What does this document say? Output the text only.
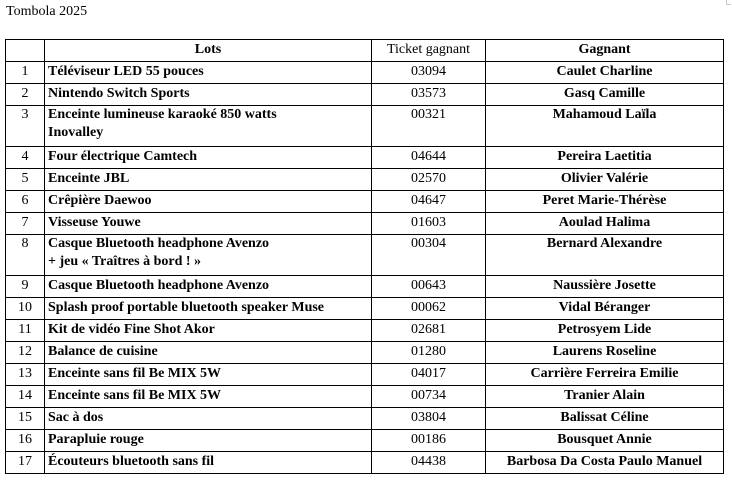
Tombola 2025
	Lots	Ticket gagnant	Gagnant
1	Téléviseur LED 55 pouces	03094	Caulet Charline
2	Nintendo Switch Sports	03573	Gasq Camille
3	Enceinte lumineuse karaoké 850 watts
Inovalley	00321	Mahamoud Laïla
4	Four électrique Camtech	04644	Pereira Laetitia
5	Enceinte JBL	02570	Olivier Valérie
6	Crêpière Daewoo	04647	Peret Marie-Thérèse
7	Visseuse Youwe	01603	Aoulad Halima
8	Casque Bluetooth headphone Avenzo
+ jeu « Traîtres à bord ! »	00304	Bernard Alexandre
9	Casque Bluetooth headphone Avenzo	00643	Naussière Josette
10	Splash proof portable bluetooth speaker Muse	00062	Vidal Béranger
11	Kit de vidéo Fine Shot Akor	02681	Petrosyem Lide
12	Balance de cuisine	01280	Laurens Roseline
13	Enceinte sans fil Be MIX 5W	04017	Carrière Ferreira Emilie
14	Enceinte sans fil Be MIX 5W	00734	Tranier Alain
15	Sac à dos	03804	Balissat Céline
16	Parapluie rouge	00186	Bousquet Annie
17	Écouteurs bluetooth sans fil	04438	Barbosa Da Costa Paulo Manuel
